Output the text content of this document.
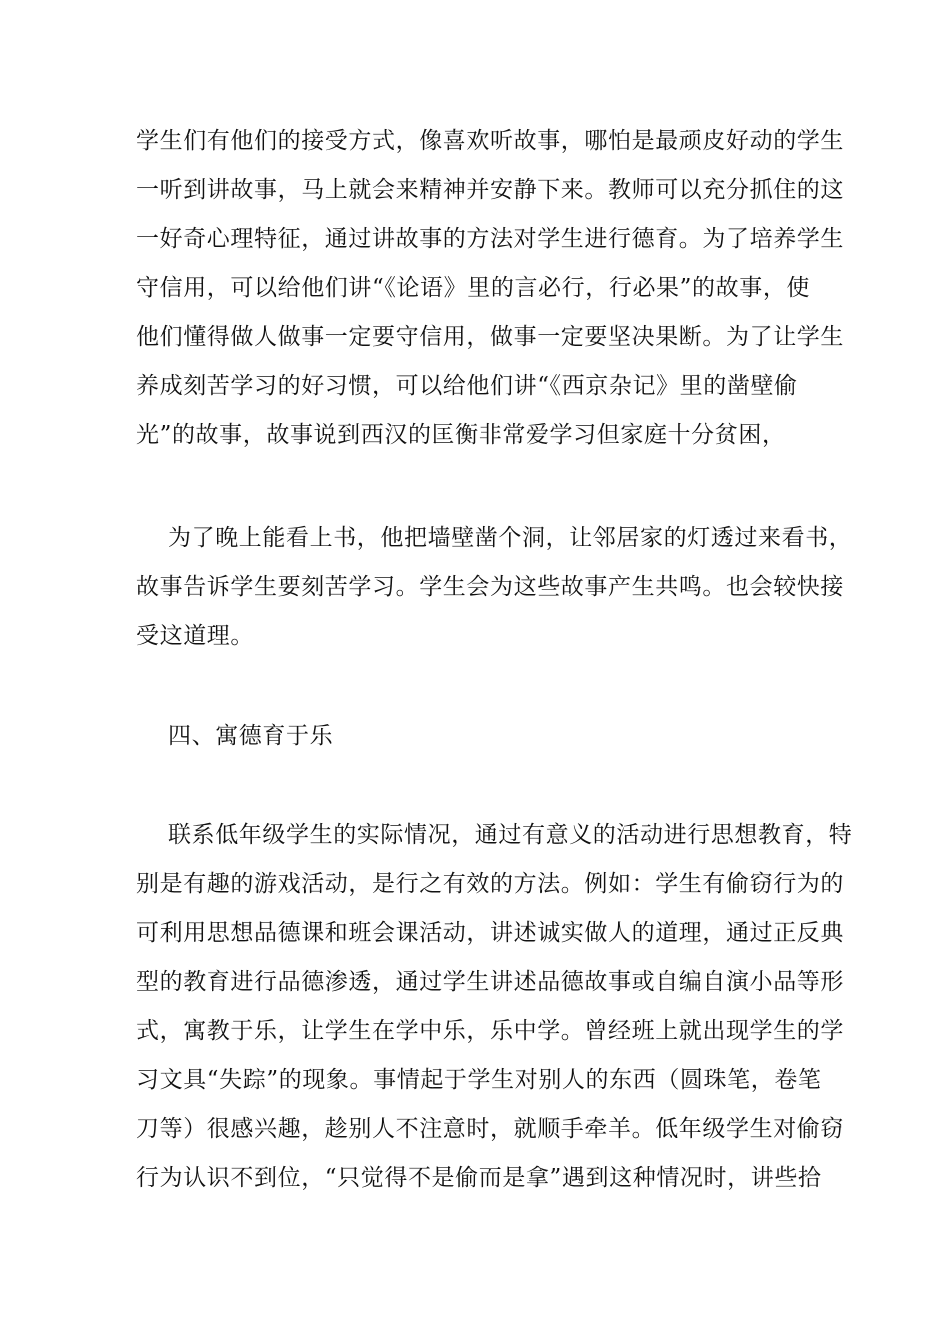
学生们有他们的接受方式，像喜欢听故事，哪怕是最顽皮好动的学生
一听到讲故事，马上就会来精神并安静下来。教师可以充分抓住的这
一好奇心理特征，通过讲故事的方法对学生进行德育。为了培养学生
守信用，可以给他们讲“《论语》里的言必行，行必果”的故事，使
他们懂得做人做事一定要守信用，做事一定要坚决果断。为了让学生
养成刻苦学习的好习惯，可以给他们讲“《西京杂记》里的凿壁偷
光”的故事，故事说到西汉的匡衡非常爱学习但家庭十分贫困，
为了晚上能看上书，他把墙壁凿个洞，让邻居家的灯透过来看书，
故事告诉学生要刻苦学习。学生会为这些故事产生共鸣。也会较快接
受这道理。
四、寓德育于乐
联系低年级学生的实际情况，通过有意义的活动进行思想教育，特
别是有趣的游戏活动，是行之有效的方法。例如：学生有偷窃行为的
可利用思想品德课和班会课活动，讲述诚实做人的道理，通过正反典
型的教育进行品德渗透，通过学生讲述品德故事或自编自演小品等形
式，寓教于乐，让学生在学中乐，乐中学。曾经班上就出现学生的学
习文具“失踪”的现象。事情起于学生对别人的东西（圆珠笔，卷笔
刀等）很感兴趣，趁别人不注意时，就顺手牵羊。低年级学生对偷窃
行为认识不到位，“只觉得不是偷而是拿”遇到这种情况时，讲些拾
